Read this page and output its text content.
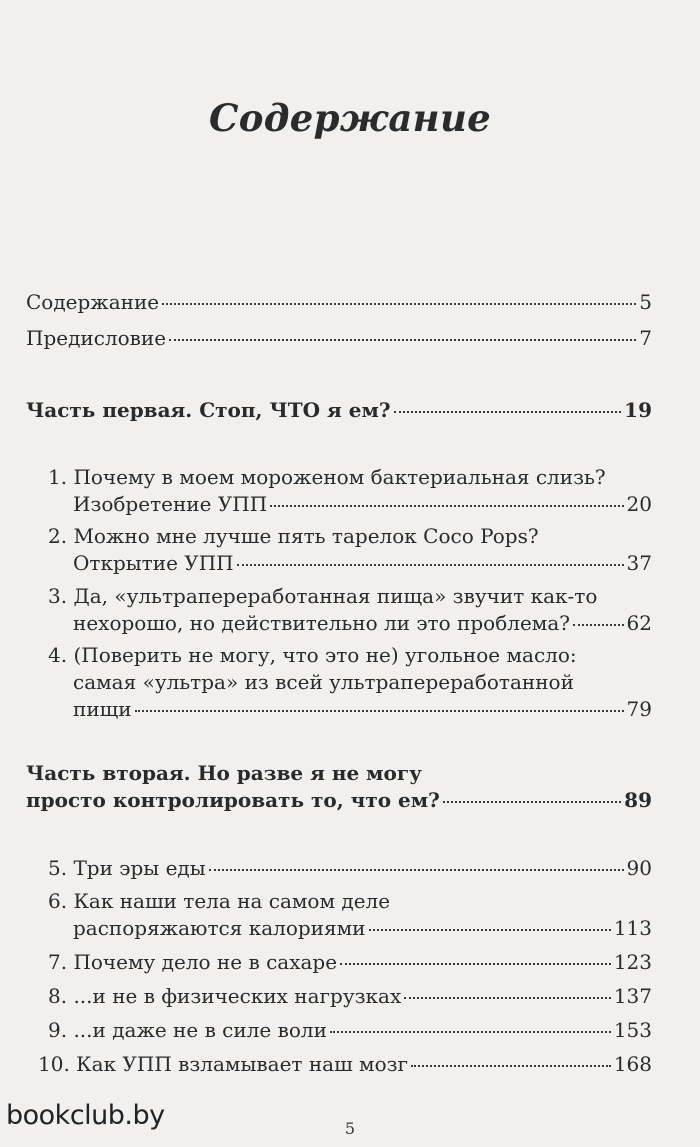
Содержание
Содержание	5
Предисловие	7
Часть первая. Стоп, ЧТО я ем?	19
1.
Почему в моем мороженом бактериальная слизь?
Изобретение УПП	20
2.
Можно мне лучше пять тарелок Coco Pops?
Открытие УПП	37
3.
Да, «ультрапереработанная пища» звучит как-то
нехорошо, но действительно ли это проблема?	62
4.
(Поверить не могу, что это не) угольное масло:
самая «ультра» из всей ультрапереработанной
пищи	79
Часть вторая. Но разве я не могу
просто контролировать то, что ем?	89
5.
Три эры еды	90
6.
Как наши тела на самом деле
распоряжаются калориями	113
7.
Почему дело не в сахаре	123
8.
...и не в физических нагрузках	137
9.
...и даже не в силе воли	153
10.
Как УПП взламывает наш мозг	168
bookclub.by	5
